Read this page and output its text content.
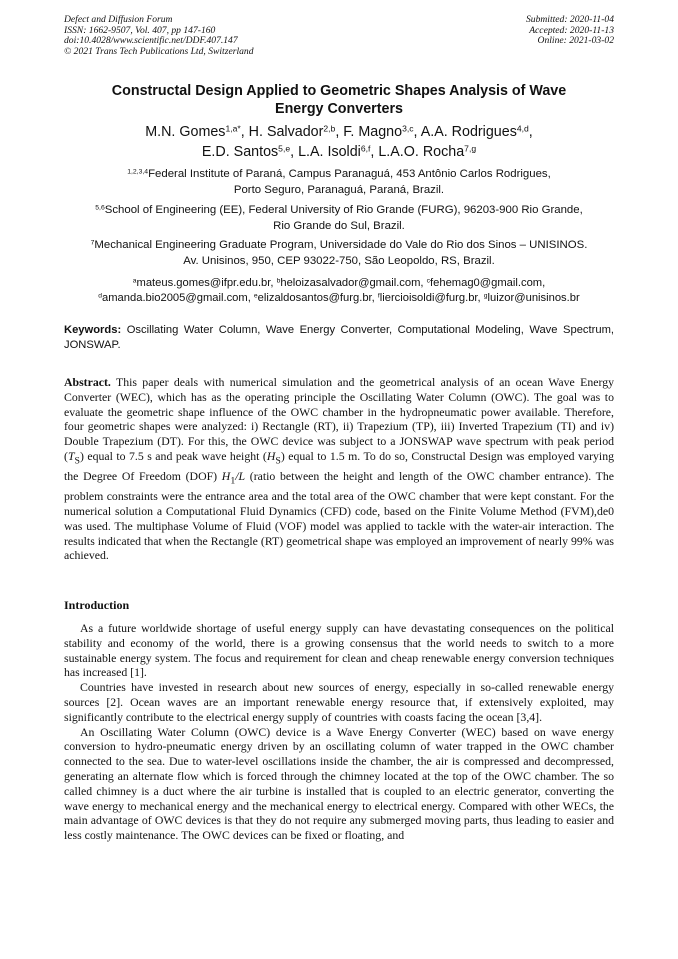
Defect and Diffusion Forum
ISSN: 1662-9507, Vol. 407, pp 147-160
doi:10.4028/www.scientific.net/DDF.407.147
© 2021 Trans Tech Publications Ltd, Switzerland
Submitted: 2020-11-04
Accepted: 2020-11-13
Online: 2021-03-02
Constructal Design Applied to Geometric Shapes Analysis of Wave
Energy Converters
M.N. Gomes$^{1,a*}$, H. Salvador$^{2,b}$, F. Magno$^{3,c}$, A.A. Rodrigues$^{4,d}$,
E.D. Santos$^{5,e}$, L.A. Isoldi$^{6,f}$, L.A.O. Rocha$^{7,g}$
$^{1,2,3,4}$Federal Institute of Paraná, Campus Paranaguá, 453 Antônio Carlos Rodrigues,
Porto Seguro, Paranaguá, Paraná, Brazil.
$^{5,6}$School of Engineering (EE), Federal University of Rio Grande (FURG), 96203-900 Rio Grande,
Rio Grande do Sul, Brazil.
$^7$Mechanical Engineering Graduate Program, Universidade do Vale do Rio dos Sinos – UNISINOS.
Av. Unisinos, 950, CEP 93022-750, São Leopoldo, RS, Brazil.
$^a$mateus.gomes@ifpr.edu.br, $^b$heloizasalvador@gmail.com, $^c$fehemag0@gmail.com,
$^d$amanda.bio2005@gmail.com, $^e$elizaldosantos@furg.br, $^f$liercioisoldi@furg.br, $^g$luizor@unisinos.br
Keywords: Oscillating Water Column, Wave Energy Converter, Computational Modeling, Wave Spectrum, JONSWAP.
Abstract. This paper deals with numerical simulation and the geometrical analysis of an ocean Wave Energy Converter (WEC), which has as the operating principle the Oscillating Water Column (OWC). The goal was to evaluate the geometric shape influence of the OWC chamber in the hydropneumatic power available. Therefore, four geometric shapes were analyzed: i) Rectangle (RT), ii) Trapezium (TP), iii) Inverted Trapezium (TI) and iv) Double Trapezium (DT). For this, the OWC device was subject to a JONSWAP wave spectrum with peak period $(T_S)$ equal to 7.5 s and peak wave height $(H_S)$ equal to 1.5 m. To do so, Constructal Design was employed varying the Degree Of Freedom (DOF) $H_1/L$ (ratio between the height and length of the OWC chamber entrance). The problem constraints were the entrance area and the total area of the OWC chamber that were kept constant. For the numerical solution a Computational Fluid Dynamics (CFD) code, based on the Finite Volume Method (FVM),de0 was used. The multiphase Volume of Fluid (VOF) model was applied to tackle with the water-air interaction. The results indicated that when the Rectangle (RT) geometrical shape was employed an improvement of nearly 99% was achieved.
Introduction

As a future worldwide shortage of useful energy supply can have devastating consequences on the political stability and economy of the world, there is a growing consensus that the world needs to switch to a more sustainable energy system. The focus and requirement for clean and cheap renewable energy conversion techniques has increased [1].

Countries have invested in research about new sources of energy, especially in so-called renewable energy sources [2]. Ocean waves are an important renewable energy resource that, if extensively exploited, may significantly contribute to the electrical energy supply of countries with coasts facing the ocean [3,4].

An Oscillating Water Column (OWC) device is a Wave Energy Converter (WEC) based on wave energy conversion to hydro-pneumatic energy driven by an oscillating column of water trapped in the OWC chamber connected to the sea. Due to water-level oscillations inside the chamber, the air is compressed and decompressed, generating an alternate flow which is forced through the chimney located at the top of the OWC chamber. The so called chimney is a duct where the air turbine is installed that is coupled to an electric generator, converting the wave energy to mechanical energy and the mechanical energy to electrical energy. Compared with other WECs, the main advantage of OWC devices is that they do not require any submerged moving parts, thus leading to easier and less costly maintenance. The OWC devices can be fixed or floating, and
